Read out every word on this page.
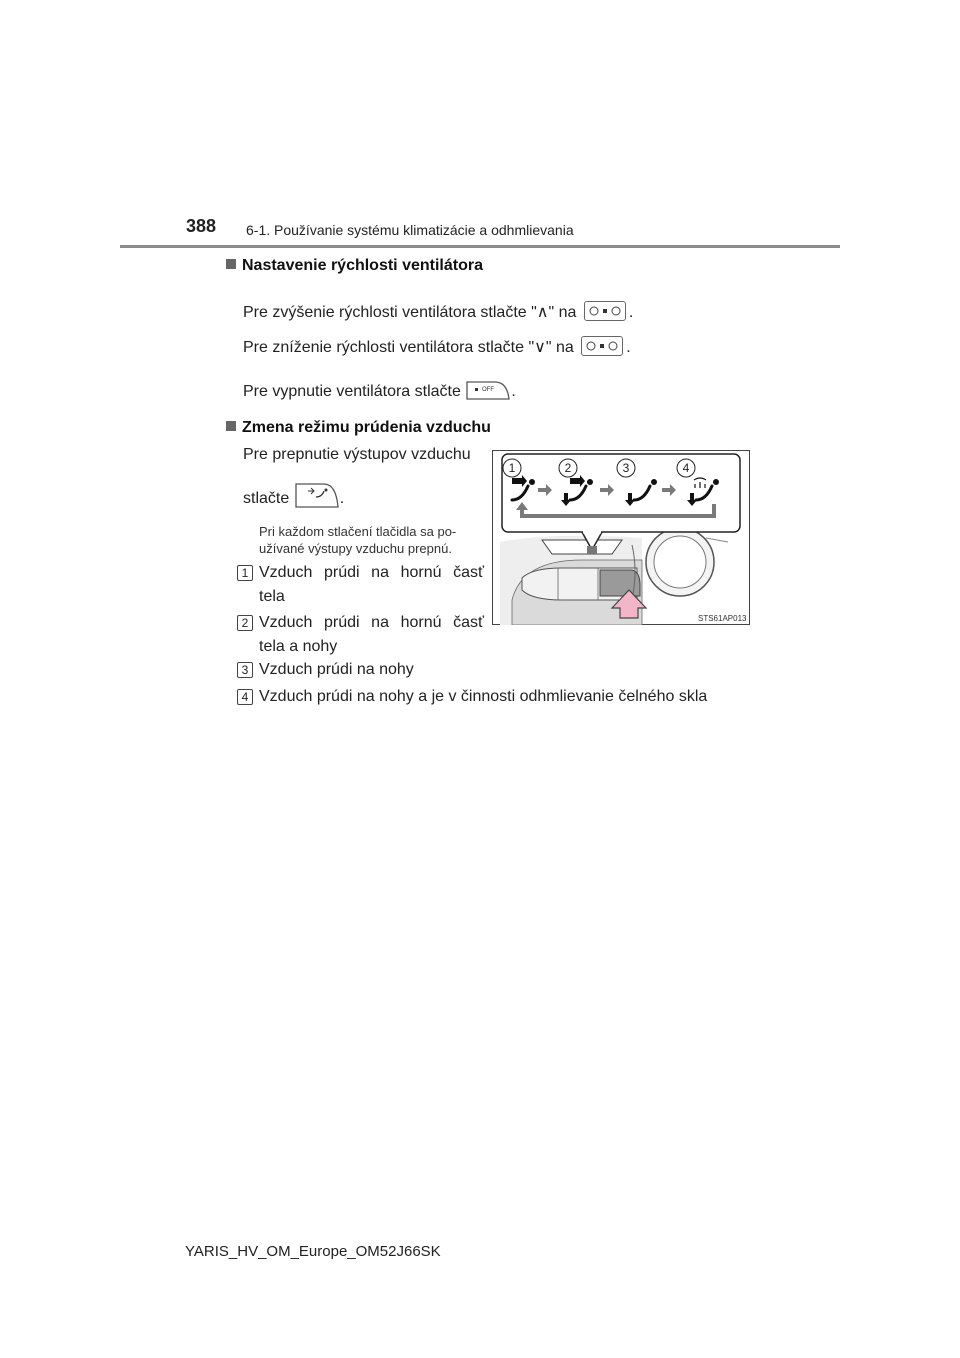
388 6-1. Používanie systému klimatizácie a odhmlievania
Nastavenie rýchlosti ventilátora
Pre zvýšenie rýchlosti ventilátora stlačte "∧" na	.
Pre zníženie rýchlosti ventilátora stlačte "∨" na	.
Pre vypnutie ventilátora stlačte	OFF .
Zmena režimu prúdenia vzduchu
Pre prepnutie výstupov vzduchu
stlačte	.
Pri každom stlačení tlačidla sa po-
užívané výstupy vzduchu prepnú.
1 Vzduch prúdi na hornú časť
tela
2 Vzduch prúdi na hornú časť
tela a nohy
3 Vzduch prúdi na nohy
4 Vzduch prúdi na nohy a je v činnosti odhmlievanie čelného skla
1	2	3	4
STS61AP013
YARIS_HV_OM_Europe_OM52J66SK
